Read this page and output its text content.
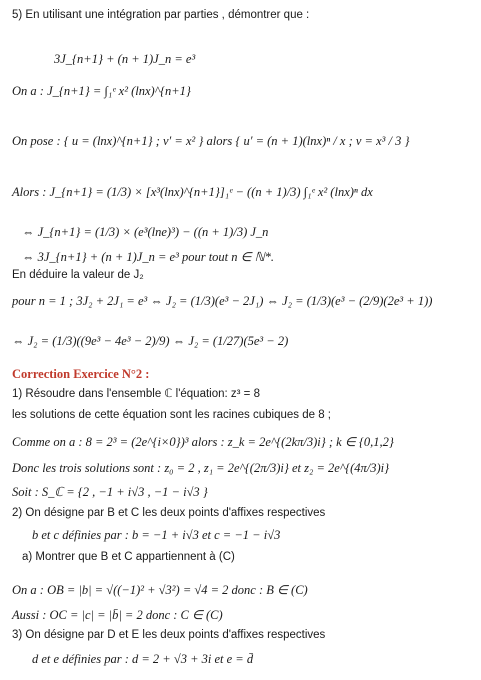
5) En utilisant une intégration par parties , démontrer que :
3J_{n+1} + (n + 1)J_n = e³
On a : J_{n+1} = ∫₁ᵉ x² (lnx)^{n+1}
On pose : { u = (lnx)^{n+1} ; v′ = x² } alors { u′ = (n + 1)(lnx)ⁿ / x ; v = x³ / 3 }
Alors : J_{n+1} = (1/3) × [x³(lnx)^{n+1}]₁ᵉ − ((n + 1)/3) ∫₁ᵉ x² (lnx)ⁿ dx
⇔ J_{n+1} = (1/3) × (e³(lne)³) − ((n + 1)/3) J_n
⇔ 3J_{n+1} + (n + 1)J_n = e³ pour tout n ∈ ℕ*.
En déduire la valeur de J₂
pour n = 1 ; 3J₂ + 2J₁ = e³ ⇔ J₂ = (1/3)(e³ − 2J₁) ⇔ J₂ = (1/3)(e³ − (2/9)(2e³ + 1))
⇔ J₂ = (1/3)((9e³ − 4e³ − 2)/9) ⇔ J₂ = (1/27)(5e³ − 2)
Correction Exercice N°2 :
1) Résoudre dans l'ensemble ℂ l'équation: z³ = 8
les solutions de cette équation sont les racines cubiques de 8 ;
Comme on a : 8 = 2³ = (2e^{i×0})³ alors : z_k = 2e^{(2kπ/3)i} ; k ∈ {0,1,2}
Donc les trois solutions sont : z₀ = 2 , z₁ = 2e^{(2π/3)i} et z₂ = 2e^{(4π/3)i}
Soit : S_ℂ = {2 , −1 + i√3 , −1 − i√3 }
2) On désigne par B et C les deux points d'affixes respectives
b et c définies par : b = −1 + i√3 et c = −1 − i√3
a) Montrer que B et C appartiennent à (C)
On a : OB = |b| = √((−1)² + √3²) = √4 = 2 donc : B ∈ (C)
Aussi : OC = |c| = |b̄| = 2 donc : C ∈ (C)
3) On désigne par D et E les deux points d'affixes respectives
d et e définies par : d = 2 + √3 + 3i et e = d̄
